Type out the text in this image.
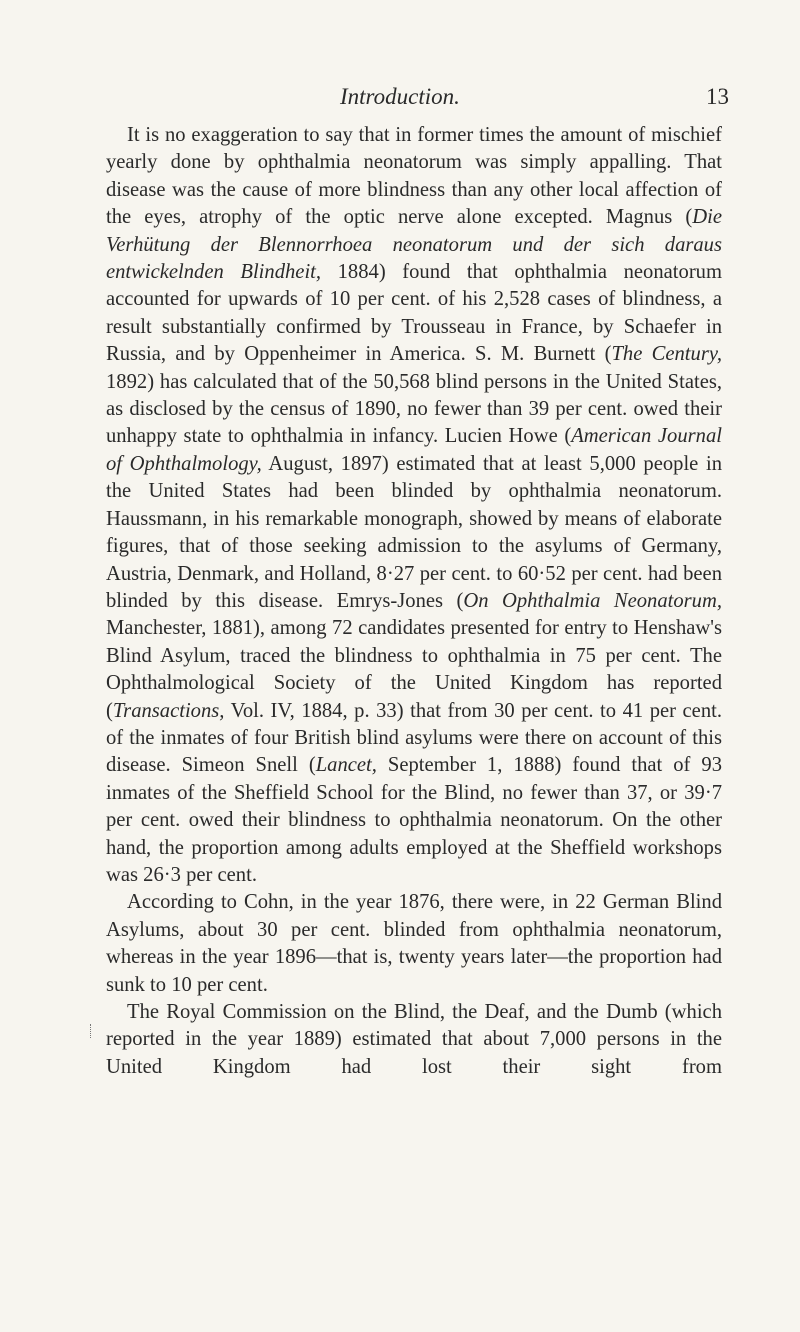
Introduction.	13

It is no exaggeration to say that in former times the amount of mischief yearly done by ophthalmia neonatorum was simply appalling. That disease was the cause of more blindness than any other local affection of the eyes, atrophy of the optic nerve alone excepted. Magnus (Die Verhütung der Blennorrhoea neonatorum und der sich daraus entwickelnden Blindheit, 1884) found that ophthalmia neonatorum accounted for upwards of 10 per cent. of his 2,528 cases of blindness, a result substantially confirmed by Trousseau in France, by Schaefer in Russia, and by Oppenheimer in America. S. M. Burnett (The Century, 1892) has calculated that of the 50,568 blind persons in the United States, as disclosed by the census of 1890, no fewer than 39 per cent. owed their unhappy state to ophthalmia in infancy. Lucien Howe (American Journal of Ophthalmology, August, 1897) estimated that at least 5,000 people in the United States had been blinded by ophthalmia neonatorum. Haussmann, in his remarkable monograph, showed by means of elaborate figures, that of those seeking admission to the asylums of Germany, Austria, Denmark, and Holland, 8·27 per cent. to 60·52 per cent. had been blinded by this disease. Emrys-Jones (On Ophthalmia Neonatorum, Manchester, 1881), among 72 candidates presented for entry to Henshaw's Blind Asylum, traced the blindness to ophthalmia in 75 per cent. The Ophthalmological Society of the United Kingdom has reported (Transactions, Vol. IV, 1884, p. 33) that from 30 per cent. to 41 per cent. of the inmates of four British blind asylums were there on account of this disease. Simeon Snell (Lancet, September 1, 1888) found that of 93 inmates of the Sheffield School for the Blind, no fewer than 37, or 39·7 per cent. owed their blindness to ophthalmia neonatorum. On the other hand, the proportion among adults employed at the Sheffield workshops was 26·3 per cent.

According to Cohn, in the year 1876, there were, in 22 German Blind Asylums, about 30 per cent. blinded from ophthalmia neonatorum, whereas in the year 1896—that is, twenty years later—the proportion had sunk to 10 per cent.

The Royal Commission on the Blind, the Deaf, and the Dumb (which reported in the year 1889) estimated that about 7,000 persons in the United Kingdom had lost their sight from
